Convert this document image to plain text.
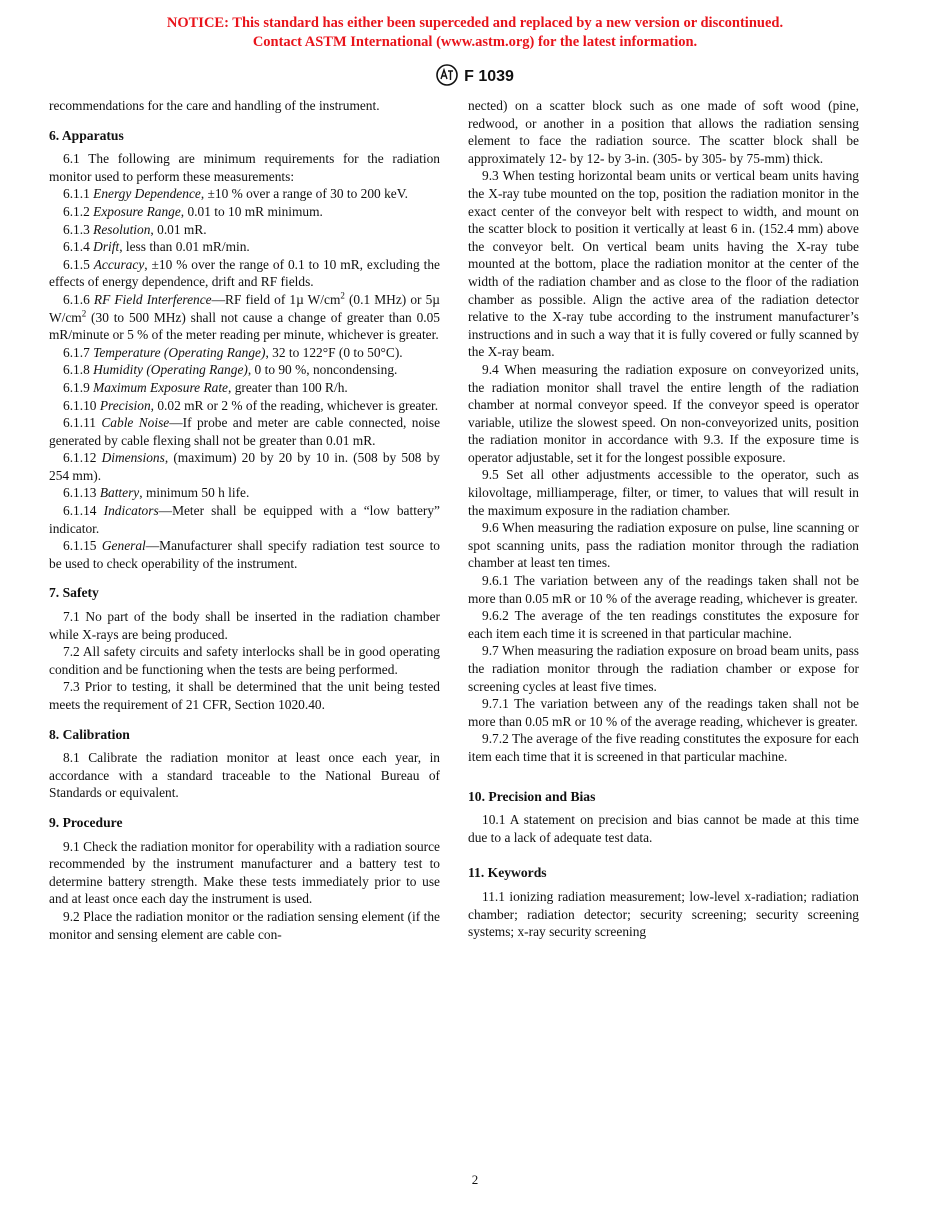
NOTICE: This standard has either been superceded and replaced by a new version or discontinued.
Contact ASTM International (www.astm.org) for the latest information.
F 1039

recommendations for the care and handling of the instrument.

6. Apparatus

6.1 The following are minimum requirements for the radiation monitor used to perform these measurements:

6.1.1 Energy Dependence, ±10 % over a range of 30 to 200 keV.

6.1.2 Exposure Range, 0.01 to 10 mR minimum.

6.1.3 Resolution, 0.01 mR.

6.1.4 Drift, less than 0.01 mR/min.

6.1.5 Accuracy, ±10 % over the range of 0.1 to 10 mR, excluding the effects of energy dependence, drift and RF fields.

6.1.6 RF Field Interference—RF field of 1µ $W/cm^2$ (0.1 MHz) or 5µ $W/cm^2$ (30 to 500 MHz) shall not cause a change of greater than 0.05 mR/minute or 5 % of the meter reading per minute, whichever is greater.

6.1.7 Temperature (Operating Range), 32 to 122°F (0 to 50°C).

6.1.8 Humidity (Operating Range), 0 to 90 %, noncondensing.

6.1.9 Maximum Exposure Rate, greater than 100 R/h.

6.1.10 Precision, 0.02 mR or 2 % of the reading, whichever is greater.

6.1.11 Cable Noise—If probe and meter are cable connected, noise generated by cable flexing shall not be greater than 0.01 mR.

6.1.12 Dimensions, (maximum) 20 by 20 by 10 in. (508 by 508 by 254 mm).

6.1.13 Battery, minimum 50 h life.

6.1.14 Indicators—Meter shall be equipped with a “low battery” indicator.

6.1.15 General—Manufacturer shall specify radiation test source to be used to check operability of the instrument.

7. Safety

7.1 No part of the body shall be inserted in the radiation chamber while X-rays are being produced.

7.2 All safety circuits and safety interlocks shall be in good operating condition and be functioning when the tests are being performed.

7.3 Prior to testing, it shall be determined that the unit being tested meets the requirement of 21 CFR, Section 1020.40.

8. Calibration

8.1 Calibrate the radiation monitor at least once each year, in accordance with a standard traceable to the National Bureau of Standards or equivalent.

9. Procedure

9.1 Check the radiation monitor for operability with a radiation source recommended by the instrument manufacturer and a battery test to determine battery strength. Make these tests immediately prior to use and at least once each day the instrument is used.

9.2 Place the radiation monitor or the radiation sensing element (if the monitor and sensing element are cable con-

nected) on a scatter block such as one made of soft wood (pine, redwood, or another in a position that allows the radiation sensing element to face the radiation source. The scatter block shall be approximately 12- by 12- by 3-in. (305- by 305- by 75-mm) thick.

9.3 When testing horizontal beam units or vertical beam units having the X-ray tube mounted on the top, position the radiation monitor in the exact center of the conveyor belt with respect to width, and mount on the scatter block to position it vertically at least 6 in. (152.4 mm) above the conveyor belt. On vertical beam units having the X-ray tube mounted at the bottom, place the radiation monitor at the center of the width of the radiation chamber and as close to the floor of the radiation chamber as possible. Align the active area of the radiation detector relative to the X-ray tube according to the instrument manufacturer’s instructions and in such a way that it is fully covered or fully scanned by the X-ray beam.

9.4 When measuring the radiation exposure on conveyorized units, the radiation monitor shall travel the entire length of the radiation chamber at normal conveyor speed. If the conveyor speed is operator variable, utilize the slowest speed. On non-conveyorized units, position the radiation monitor in accordance with 9.3. If the exposure time is operator adjustable, set it for the longest possible exposure.

9.5 Set all other adjustments accessible to the operator, such as kilovoltage, milliamperage, filter, or timer, to values that will result in the maximum exposure in the radiation chamber.

9.6 When measuring the radiation exposure on pulse, line scanning or spot scanning units, pass the radiation monitor through the radiation chamber at least ten times.

9.6.1 The variation between any of the readings taken shall not be more than 0.05 mR or 10 % of the average reading, whichever is greater.

9.6.2 The average of the ten readings constitutes the exposure for each item each time it is screened in that particular machine.

9.7 When measuring the radiation exposure on broad beam units, pass the radiation monitor through the radiation chamber or expose for screening cycles at least five times.

9.7.1 The variation between any of the readings taken shall not be more than 0.05 mR or 10 % of the average reading, whichever is greater.

9.7.2 The average of the five reading constitutes the exposure for each item each time that it is screened in that particular machine.

10. Precision and Bias

10.1 A statement on precision and bias cannot be made at this time due to a lack of adequate test data.

11. Keywords

11.1 ionizing radiation measurement; low-level x-radiation; radiation chamber; radiation detector; security screening; security screening systems; x-ray security screening

2
